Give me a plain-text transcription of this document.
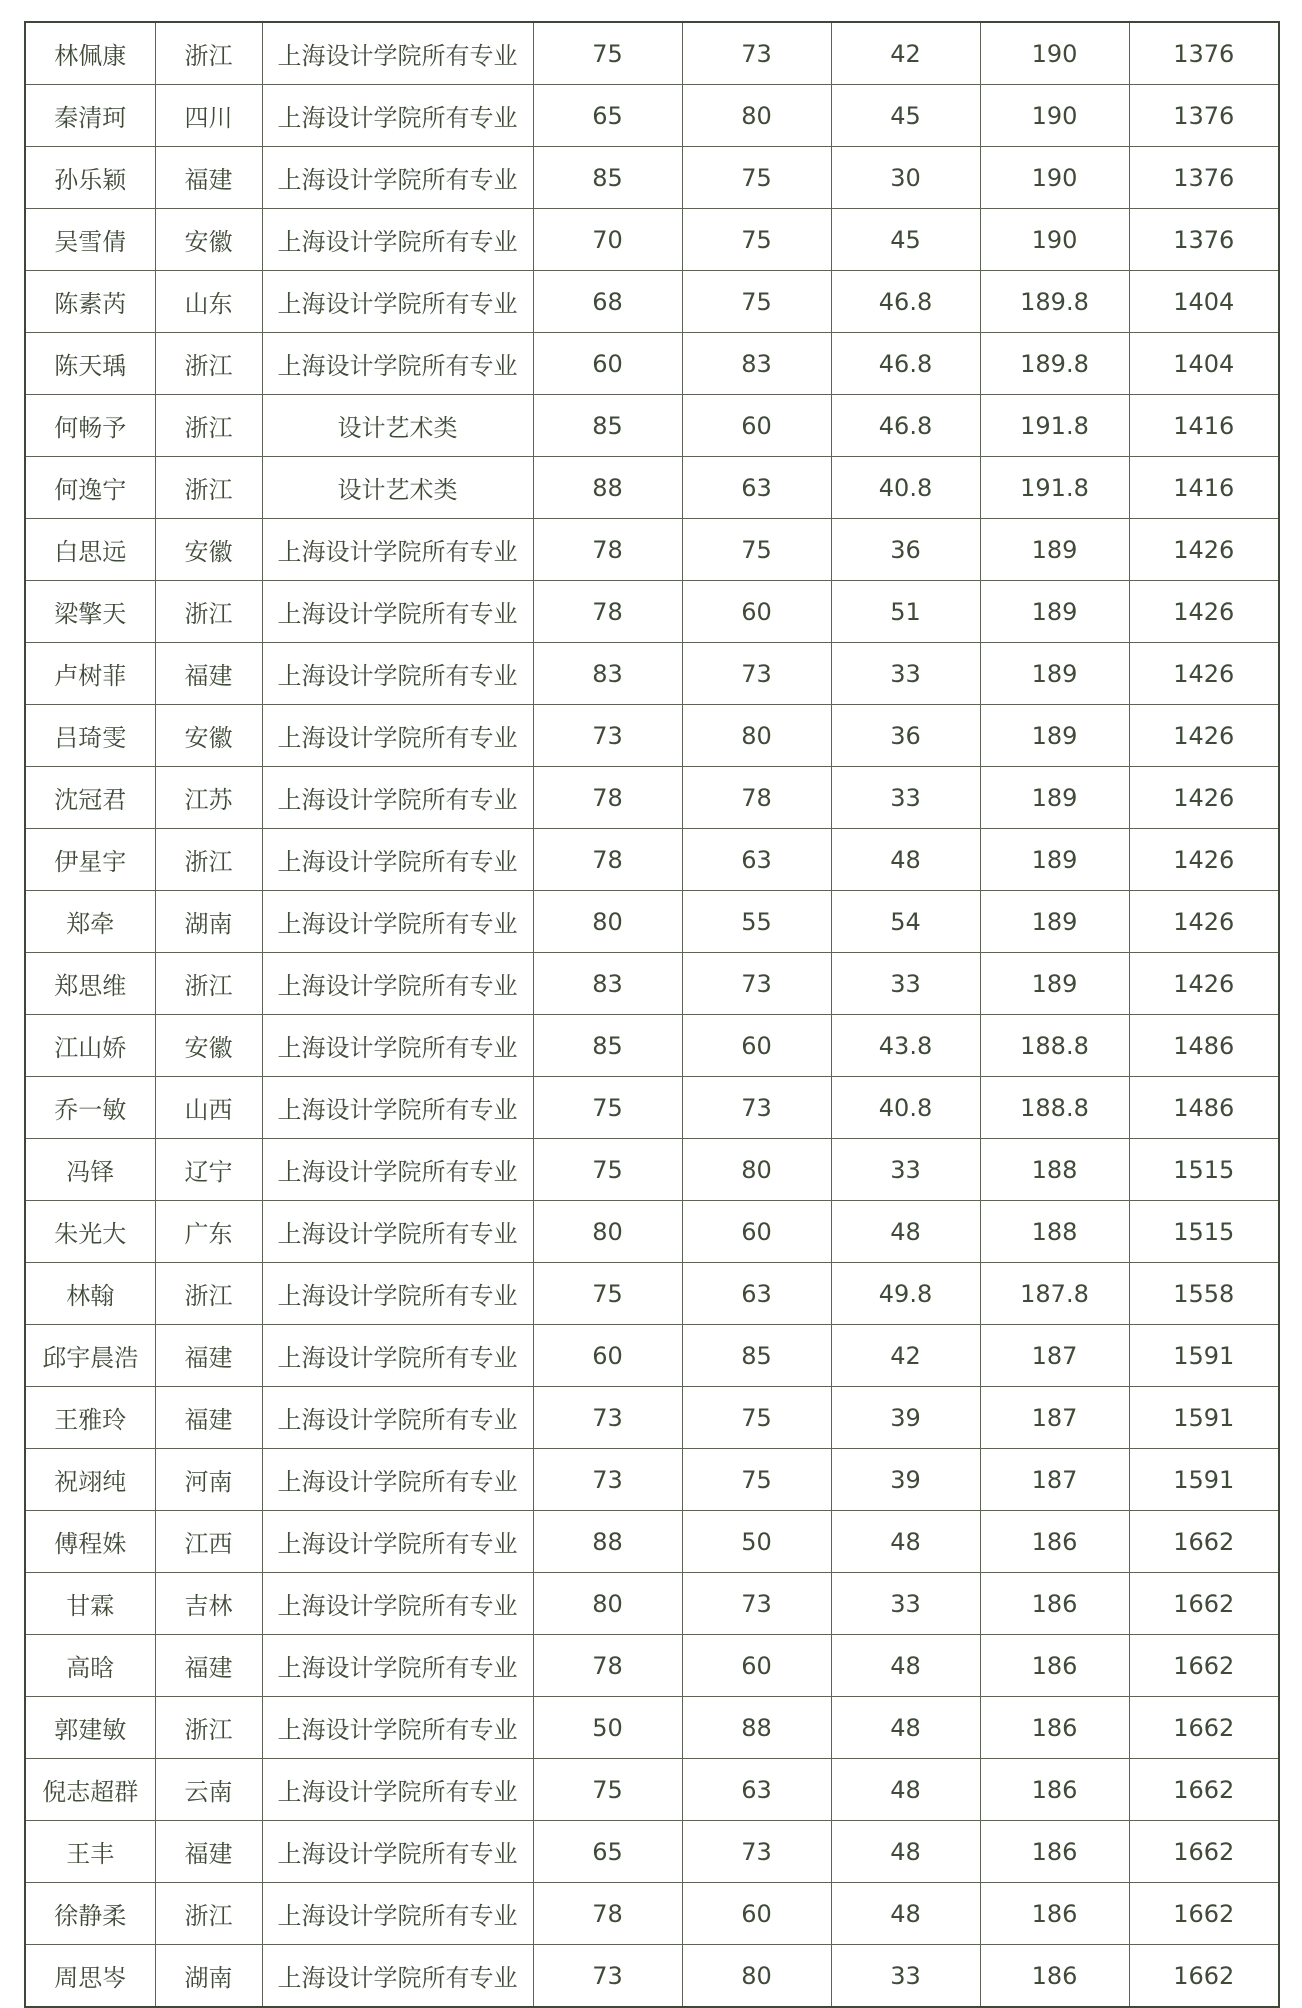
林佩康	浙江	上海设计学院所有专业	75	73	42	190	1376
秦清珂	四川	上海设计学院所有专业	65	80	45	190	1376
孙乐颖	福建	上海设计学院所有专业	85	75	30	190	1376
吴雪倩	安徽	上海设计学院所有专业	70	75	45	190	1376
陈素芮	山东	上海设计学院所有专业	68	75	46.8	189.8	1404
陈天瑀	浙江	上海设计学院所有专业	60	83	46.8	189.8	1404
何畅予	浙江	设计艺术类	85	60	46.8	191.8	1416
何逸宁	浙江	设计艺术类	88	63	40.8	191.8	1416
白思远	安徽	上海设计学院所有专业	78	75	36	189	1426
梁擎天	浙江	上海设计学院所有专业	78	60	51	189	1426
卢树菲	福建	上海设计学院所有专业	83	73	33	189	1426
吕琦雯	安徽	上海设计学院所有专业	73	80	36	189	1426
沈冠君	江苏	上海设计学院所有专业	78	78	33	189	1426
伊星宇	浙江	上海设计学院所有专业	78	63	48	189	1426
郑牵	湖南	上海设计学院所有专业	80	55	54	189	1426
郑思维	浙江	上海设计学院所有专业	83	73	33	189	1426
江山娇	安徽	上海设计学院所有专业	85	60	43.8	188.8	1486
乔一敏	山西	上海设计学院所有专业	75	73	40.8	188.8	1486
冯铎	辽宁	上海设计学院所有专业	75	80	33	188	1515
朱光大	广东	上海设计学院所有专业	80	60	48	188	1515
林翰	浙江	上海设计学院所有专业	75	63	49.8	187.8	1558
邱宇晨浩	福建	上海设计学院所有专业	60	85	42	187	1591
王雅玲	福建	上海设计学院所有专业	73	75	39	187	1591
祝翊纯	河南	上海设计学院所有专业	73	75	39	187	1591
傅程姝	江西	上海设计学院所有专业	88	50	48	186	1662
甘霖	吉林	上海设计学院所有专业	80	73	33	186	1662
高晗	福建	上海设计学院所有专业	78	60	48	186	1662
郭建敏	浙江	上海设计学院所有专业	50	88	48	186	1662
倪志超群	云南	上海设计学院所有专业	75	63	48	186	1662
王丰	福建	上海设计学院所有专业	65	73	48	186	1662
徐静柔	浙江	上海设计学院所有专业	78	60	48	186	1662
周思岑	湖南	上海设计学院所有专业	73	80	33	186	1662
